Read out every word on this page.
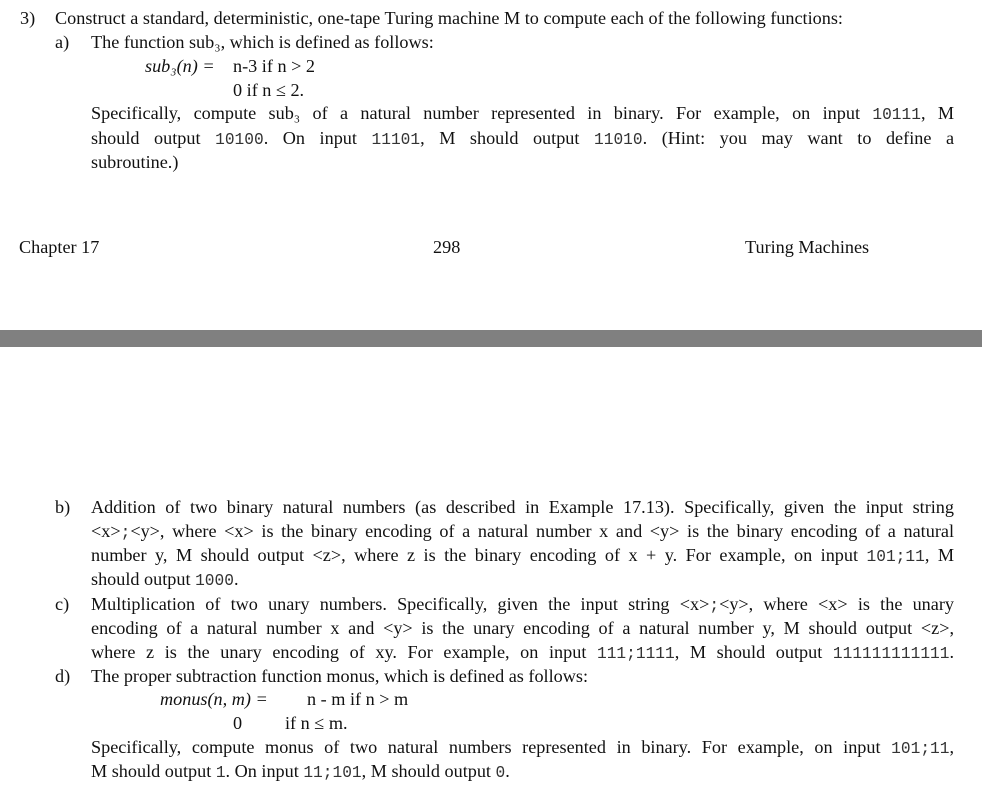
3) Construct a standard, deterministic, one-tape Turing machine M to compute each of the following functions:
a) The function sub₃, which is defined as follows:
sub₃(n) = n-3 if n > 2
0 if n ≤ 2.
Specifically, compute sub₃ of a natural number represented in binary. For example, on input 10111, M
should output 10100. On input 11101, M should output 11010. (Hint: you may want to define a
subroutine.)
Chapter 17	298	Turing Machines
b) Addition of two binary natural numbers (as described in Example 17.13). Specifically, given the input string
<x>;<y>, where <x> is the binary encoding of a natural number x and <y> is the binary encoding of a natural
number y, M should output <z>, where z is the binary encoding of x + y. For example, on input 101;11, M
should output 1000.
c) Multiplication of two unary numbers. Specifically, given the input string <x>;<y>, where <x> is the unary
encoding of a natural number x and <y> is the unary encoding of a natural number y, M should output <z>,
where z is the unary encoding of xy. For example, on input 111;1111, M should output 111111111111.
d) The proper subtraction function monus, which is defined as follows:
monus(n, m) = n - m if n > m
0 if n ≤ m.
Specifically, compute monus of two natural numbers represented in binary. For example, on input 101;11,
M should output 1. On input 11;101, M should output 0.
